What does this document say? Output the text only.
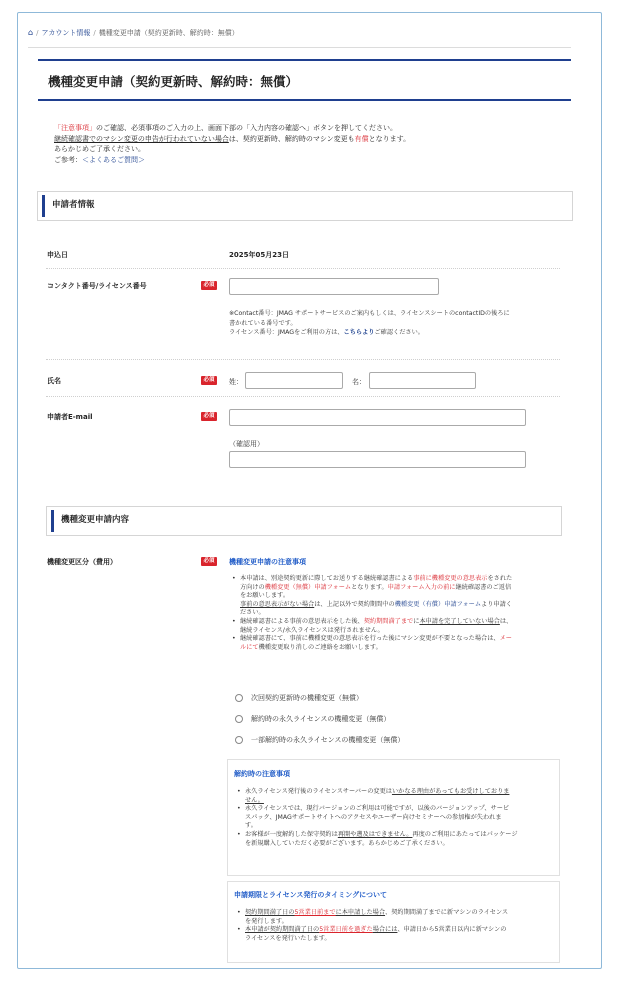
⌂ / アカウント情報 / 機種変更申請（契約更新時、解約時：無償）
機種変更申請（契約更新時、解約時：無償）
「注意事項」のご確認、必須事項のご入力の上、画面下部の「入力内容の確認へ」ボタンを押してください。
継続確認書でのマシン変更の申告が行われていない場合は、契約更新時、解約時のマシン変更も有償となります。
あらかじめご了承ください。
ご参考：＜よくあるご質問＞
申請者情報
申込日	2025年05月23日
コンタクト番号/ライセンス番号	必須
※Contact番号：JMAG サポートサービスのご案内もしくは、ライセンスシートのcontactIDの後ろに
書かれている番号です。
ライセンス番号：JMAGをご利用の方は、こちらよりご確認ください。
氏名	必須	姓：	名：
申請者E-mail	必須
（確認用）
機種変更申請内容
機種変更区分（費用）	必須	機種変更申請の注意事項
• 本申請は、別途契約更新に際してお送りする継続確認書による事前に機種変更の意思表示をされた
方向けの機種変更（無償）申請フォームとなります。申請フォーム入力の前に継続確認書のご返信
をお願いします。
事前の意思表示がない場合は、上記以外で契約期間中の機種変更（有償）申請フォームより申請く
ださい。
• 継続確認書による事前の意思表示をした後、契約期間満了までに本申請を完了していない場合は、
継続ライセンス/永久ライセンスは発行されません。
• 継続確認書にて、事前に機種変更の意思表示を行った後にマシン変更が不要となった場合は、メー
ルにて機種変更取り消しのご連絡をお願いします。
次回契約更新時の機種変更（無償）
解約時の永久ライセンスの機種変更（無償）
一部解約時の永久ライセンスの機種変更（無償）
解約時の注意事項
• 永久ライセンス発行後のライセンスサーバーの変更はいかなる理由があってもお受けしておりま
せん。
• 永久ライセンスでは、現行バージョンのご利用は可能ですが、以後のバージョンアップ、サービ
スパック、JMAGサポートサイトへのアクセスやユーザー向けセミナーへの参加権が失われま
す。
• お客様が一度解約した保守契約は再開や遡及はできません。再度のご利用にあたってはパッケージ
を新規購入していただく必要がございます。あらかじめご了承ください。
申請期限とライセンス発行のタイミングについて
• 契約期間満了日の5営業日前までに本申請した場合、契約期間満了までに新マシンのライセンス
を発行します。
• 本申請が契約期間満了日の5営業日前を過ぎた場合には、申請日から5営業日以内に新マシンの
ライセンスを発行いたします。
